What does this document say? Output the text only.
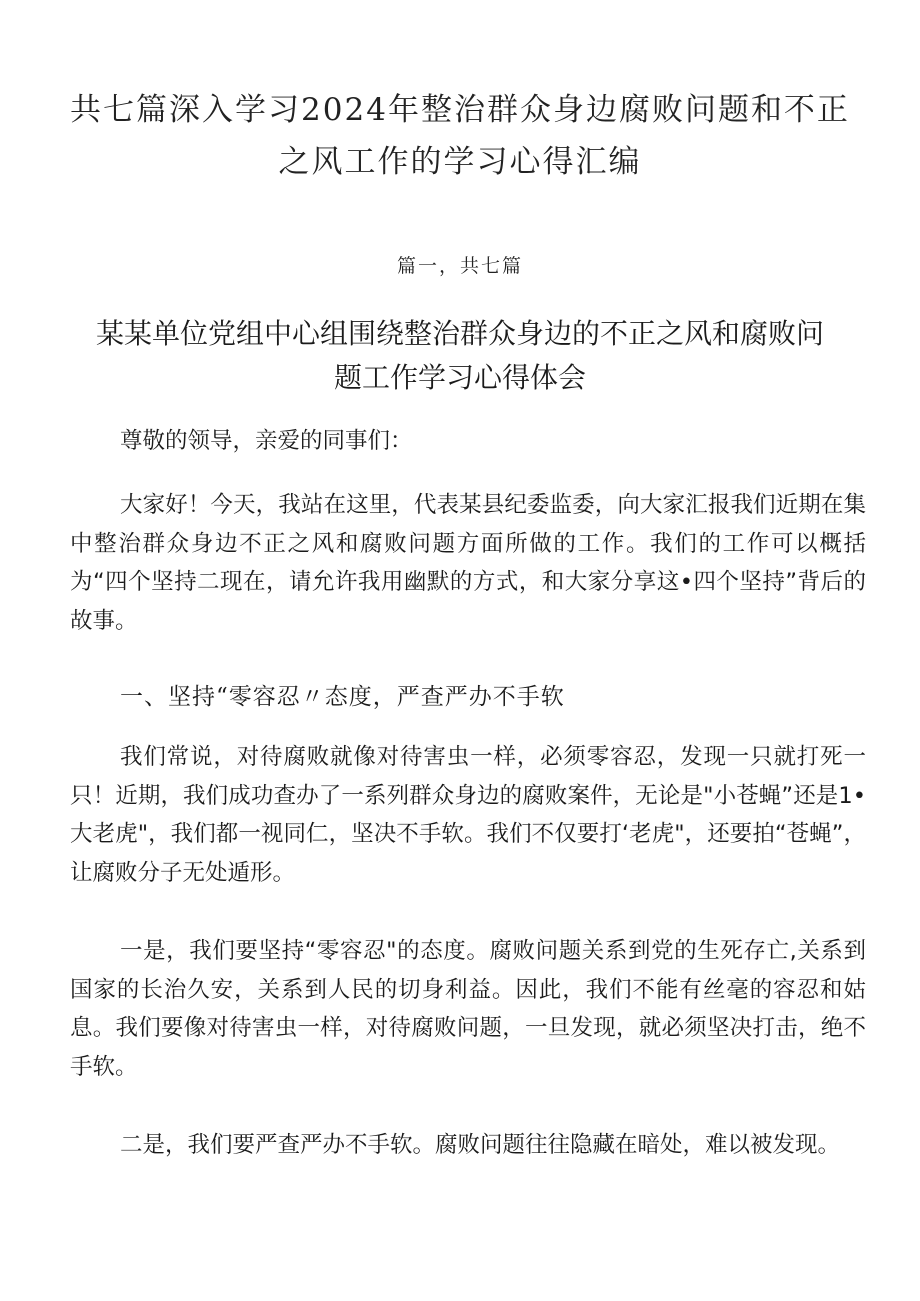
共七篇深入学习2024年整治群众身边腐败问题和不正之风工作的学习心得汇编
篇一，共七篇
某某单位党组中心组围绕整治群众身边的不正之风和腐败问题工作学习心得体会

尊敬的领导，亲爱的同事们：

大家好！今天，我站在这里，代表某县纪委监委，向大家汇报我们近期在集中整治群众身边不正之风和腐败问题方面所做的工作。我们的工作可以概括为“四个坚持二现在，请允许我用幽默的方式，和大家分享这•四个坚持”背后的故事。

一、坚持“零容忍〃态度，严查严办不手软

我们常说，对待腐败就像对待害虫一样，必须零容忍，发现一只就打死一只！近期，我们成功查办了一系列群众身边的腐败案件，无论是"小苍蝇”还是1•大老虎"，我们都一视同仁，坚决不手软。我们不仅要打‘老虎"，还要拍“苍蝇”，让腐败分子无处遁形。

一是，我们要坚持“零容忍"的态度。腐败问题关系到党的生死存亡,关系到国家的长治久安，关系到人民的切身利益。因此，我们不能有丝毫的容忍和姑息。我们要像对待害虫一样，对待腐败问题，一旦发现，就必须坚决打击，绝不手软。

二是，我们要严查严办不手软。腐败问题往往隐藏在暗处，难以被发现。
